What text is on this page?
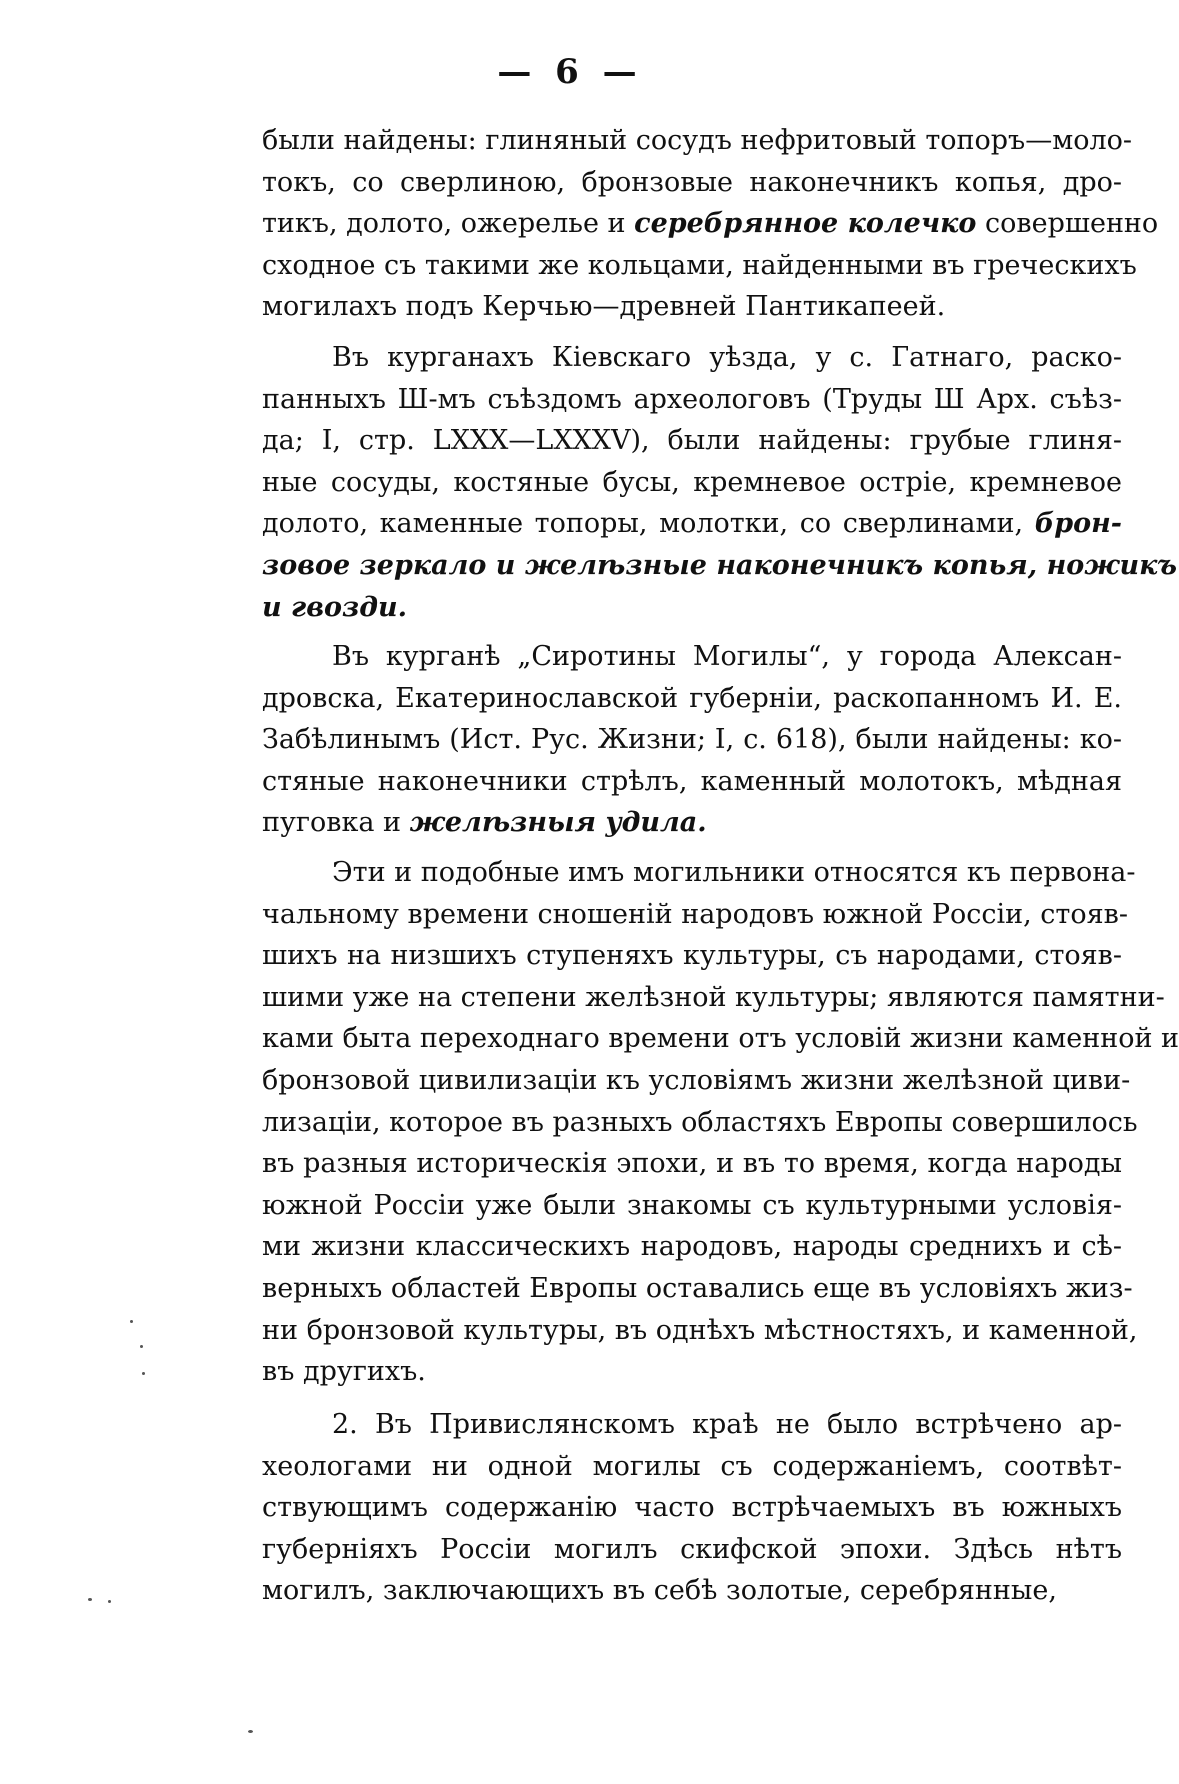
— 6 —
были найдены: глиняный сосудъ нефритовый топоръ—моло-
токъ, со сверлиною, бронзовые наконечникъ копья, дро-
тикъ, долото, ожерелье и серебрянное колечко совершенно
сходное съ такими же кольцами, найденными въ греческихъ
могилахъ подъ Керчью—древней Пантикапеей.
Въ курганахъ Кіевскаго уѣзда, у с. Гатнаго, раско-
панныхъ Ш-мъ съѣздомъ археологовъ (Труды Ш Арх. съѣз-
да; I, стр. LXXX—LXXXV), были найдены: грубые глиня-
ные сосуды, костяные бусы, кремневое остріе, кремневое
долото, каменные топоры, молотки, со сверлинами, брон-
зовое зеркало и желѣзные наконечникъ копья, ножикъ
и гвозди.
Въ курганѣ „Сиротины Могилы“, у города Алексан-
дровска, Екатеринославской губерніи, раскопанномъ И. Е.
Забѣлинымъ (Ист. Рус. Жизни; I, с. 618), были найдены: ко-
стяные наконечники стрѣлъ, каменный молотокъ, мѣдная
пуговка и желѣзныя удила.
Эти и подобные имъ могильники относятся къ первона-
чальному времени сношеній народовъ южной Россіи, стояв-
шихъ на низшихъ ступеняхъ культуры, съ народами, стояв-
шими уже на степени желѣзной культуры; являются памятни-
ками быта переходнаго времени отъ условій жизни каменной и
бронзовой цивилизаціи къ условіямъ жизни желѣзной циви-
лизаціи, которое въ разныхъ областяхъ Европы совершилось
въ разныя историческія эпохи, и въ то время, когда народы
южной Россіи уже были знакомы съ культурными условія-
ми жизни классическихъ народовъ, народы среднихъ и сѣ-
верныхъ областей Европы оставались еще въ условіяхъ жиз-
ни бронзовой культуры, въ однѣхъ мѣстностяхъ, и каменной,
въ другихъ.
2. Въ Привислянскомъ краѣ не было встрѣчено ар-
хеологами ни одной могилы съ содержаніемъ, соотвѣт-
ствующимъ содержанію часто встрѣчаемыхъ въ южныхъ
губерніяхъ Россіи могилъ скифской эпохи. Здѣсь нѣтъ
могилъ, заключающихъ въ себѣ золотые, серебрянные,
